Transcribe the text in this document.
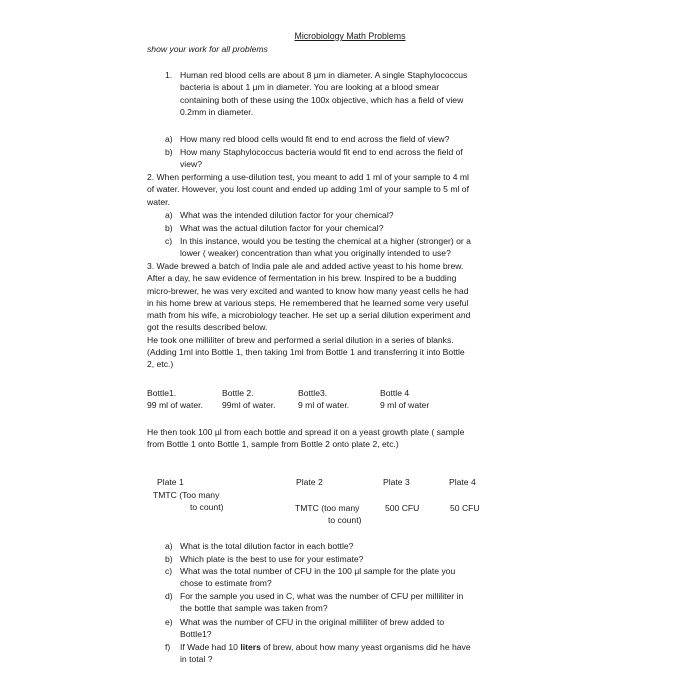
Microbiology Math Problems
show your work for all problems
1. Human red blood cells are about 8 µm in diameter. A single Staphylococcus
bacteria is about 1 µm in diameter. You are looking at a blood smear
containing both of these using the 100x objective, which has a field of view
0.2mm in diameter.
a) How many red blood cells would fit end to end across the field of view?
b) How many Staphylococcus bacteria would fit end to end across the field of
view?
2. When performing a use-dilution test, you meant to add 1 ml of your sample to 4 ml
of water. However, you lost count and ended up adding 1ml of your sample to 5 ml of
water.
a) What was the intended dilution factor for your chemical?
b) What was the actual dilution factor for your chemical?
c) In this instance, would you be testing the chemical at a higher (stronger) or a
lower ( weaker) concentration than what you originally intended to use?
3. Wade brewed a batch of India pale ale and added active yeast to his home brew.
After a day, he saw evidence of fermentation in his brew. Inspired to be a budding
micro-brewer, he was very excited and wanted to know how many yeast cells he had
in his home brew at various steps. He remembered that he learned some very useful
math from his wife, a microbiology teacher. He set up a serial dilution experiment and
got the results described below.
He took one milliliter of brew and performed a serial dilution in a series of blanks.
(Adding 1ml into Bottle 1, then taking 1ml from Bottle 1 and transferring it into Bottle
2, etc.)
Bottle1.
99 ml of water.
Bottle 2.
99ml of water.
Bottle3.
9 ml of water.
Bottle 4
9 ml of water
He then took 100 µl from each bottle and spread it on a yeast growth plate ( sample
from Bottle 1 onto Bottle 1, sample from Bottle 2 onto plate 2, etc.)
Plate 1
TMTC (Too many
to count)
Plate 2
TMTC (too many
to count)
Plate 3
500 CFU
Plate 4
50 CFU
a) What is the total dilution factor in each bottle?
b) Which plate is the best to use for your estimate?
c) What was the total number of CFU in the 100 µl sample for the plate you
chose to estimate from?
d) For the sample you used in C, what was the number of CFU per milliliter in
the bottle that sample was taken from?
e) What was the number of CFU in the original milliliter of brew added to
Bottle1?
f) If Wade had 10 liters of brew, about how many yeast organisms did he have
in total ?
